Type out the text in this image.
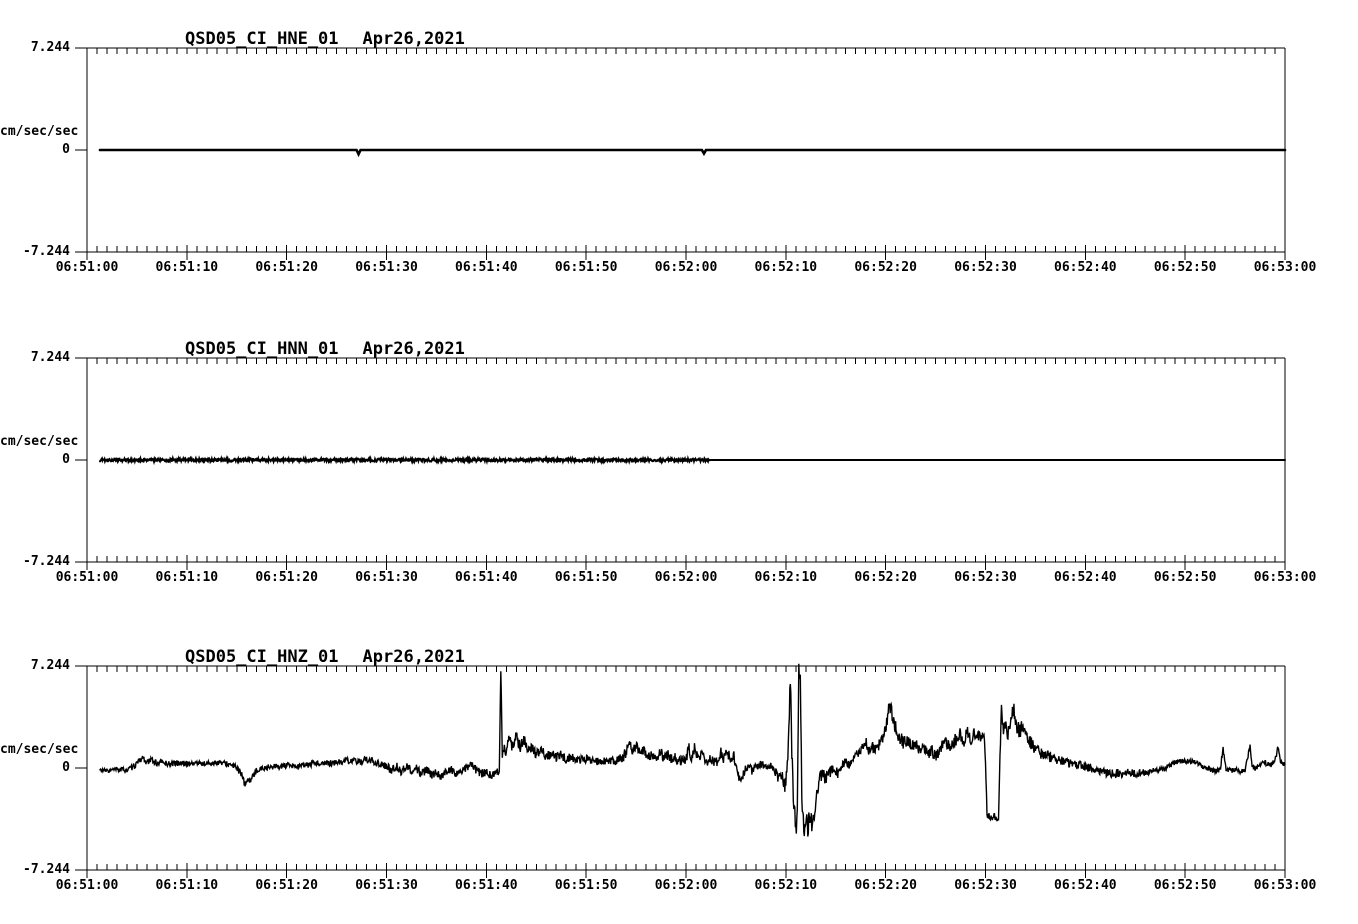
QSD05_CI_HNE_01 Apr26,2021
7.244
cm/sec/sec
0
-7.244
06:51:00	06:51:10	06:51:20	06:51:30	06:51:40	06:51:50	06:52:00	06:52:10	06:52:20	06:52:30	06:52:40	06:52:50	06:53:00
QSD05_CI_HNN_01 Apr26,2021
7.244
cm/sec/sec
0
-7.244
06:51:00	06:51:10	06:51:20	06:51:30	06:51:40	06:51:50	06:52:00	06:52:10	06:52:20	06:52:30	06:52:40	06:52:50	06:53:00
QSD05_CI_HNZ_01 Apr26,2021
7.244
cm/sec/sec
0
-7.244
06:51:00	06:51:10	06:51:20	06:51:30	06:51:40	06:51:50	06:52:00	06:52:10	06:52:20	06:52:30	06:52:40	06:52:50	06:53:00
